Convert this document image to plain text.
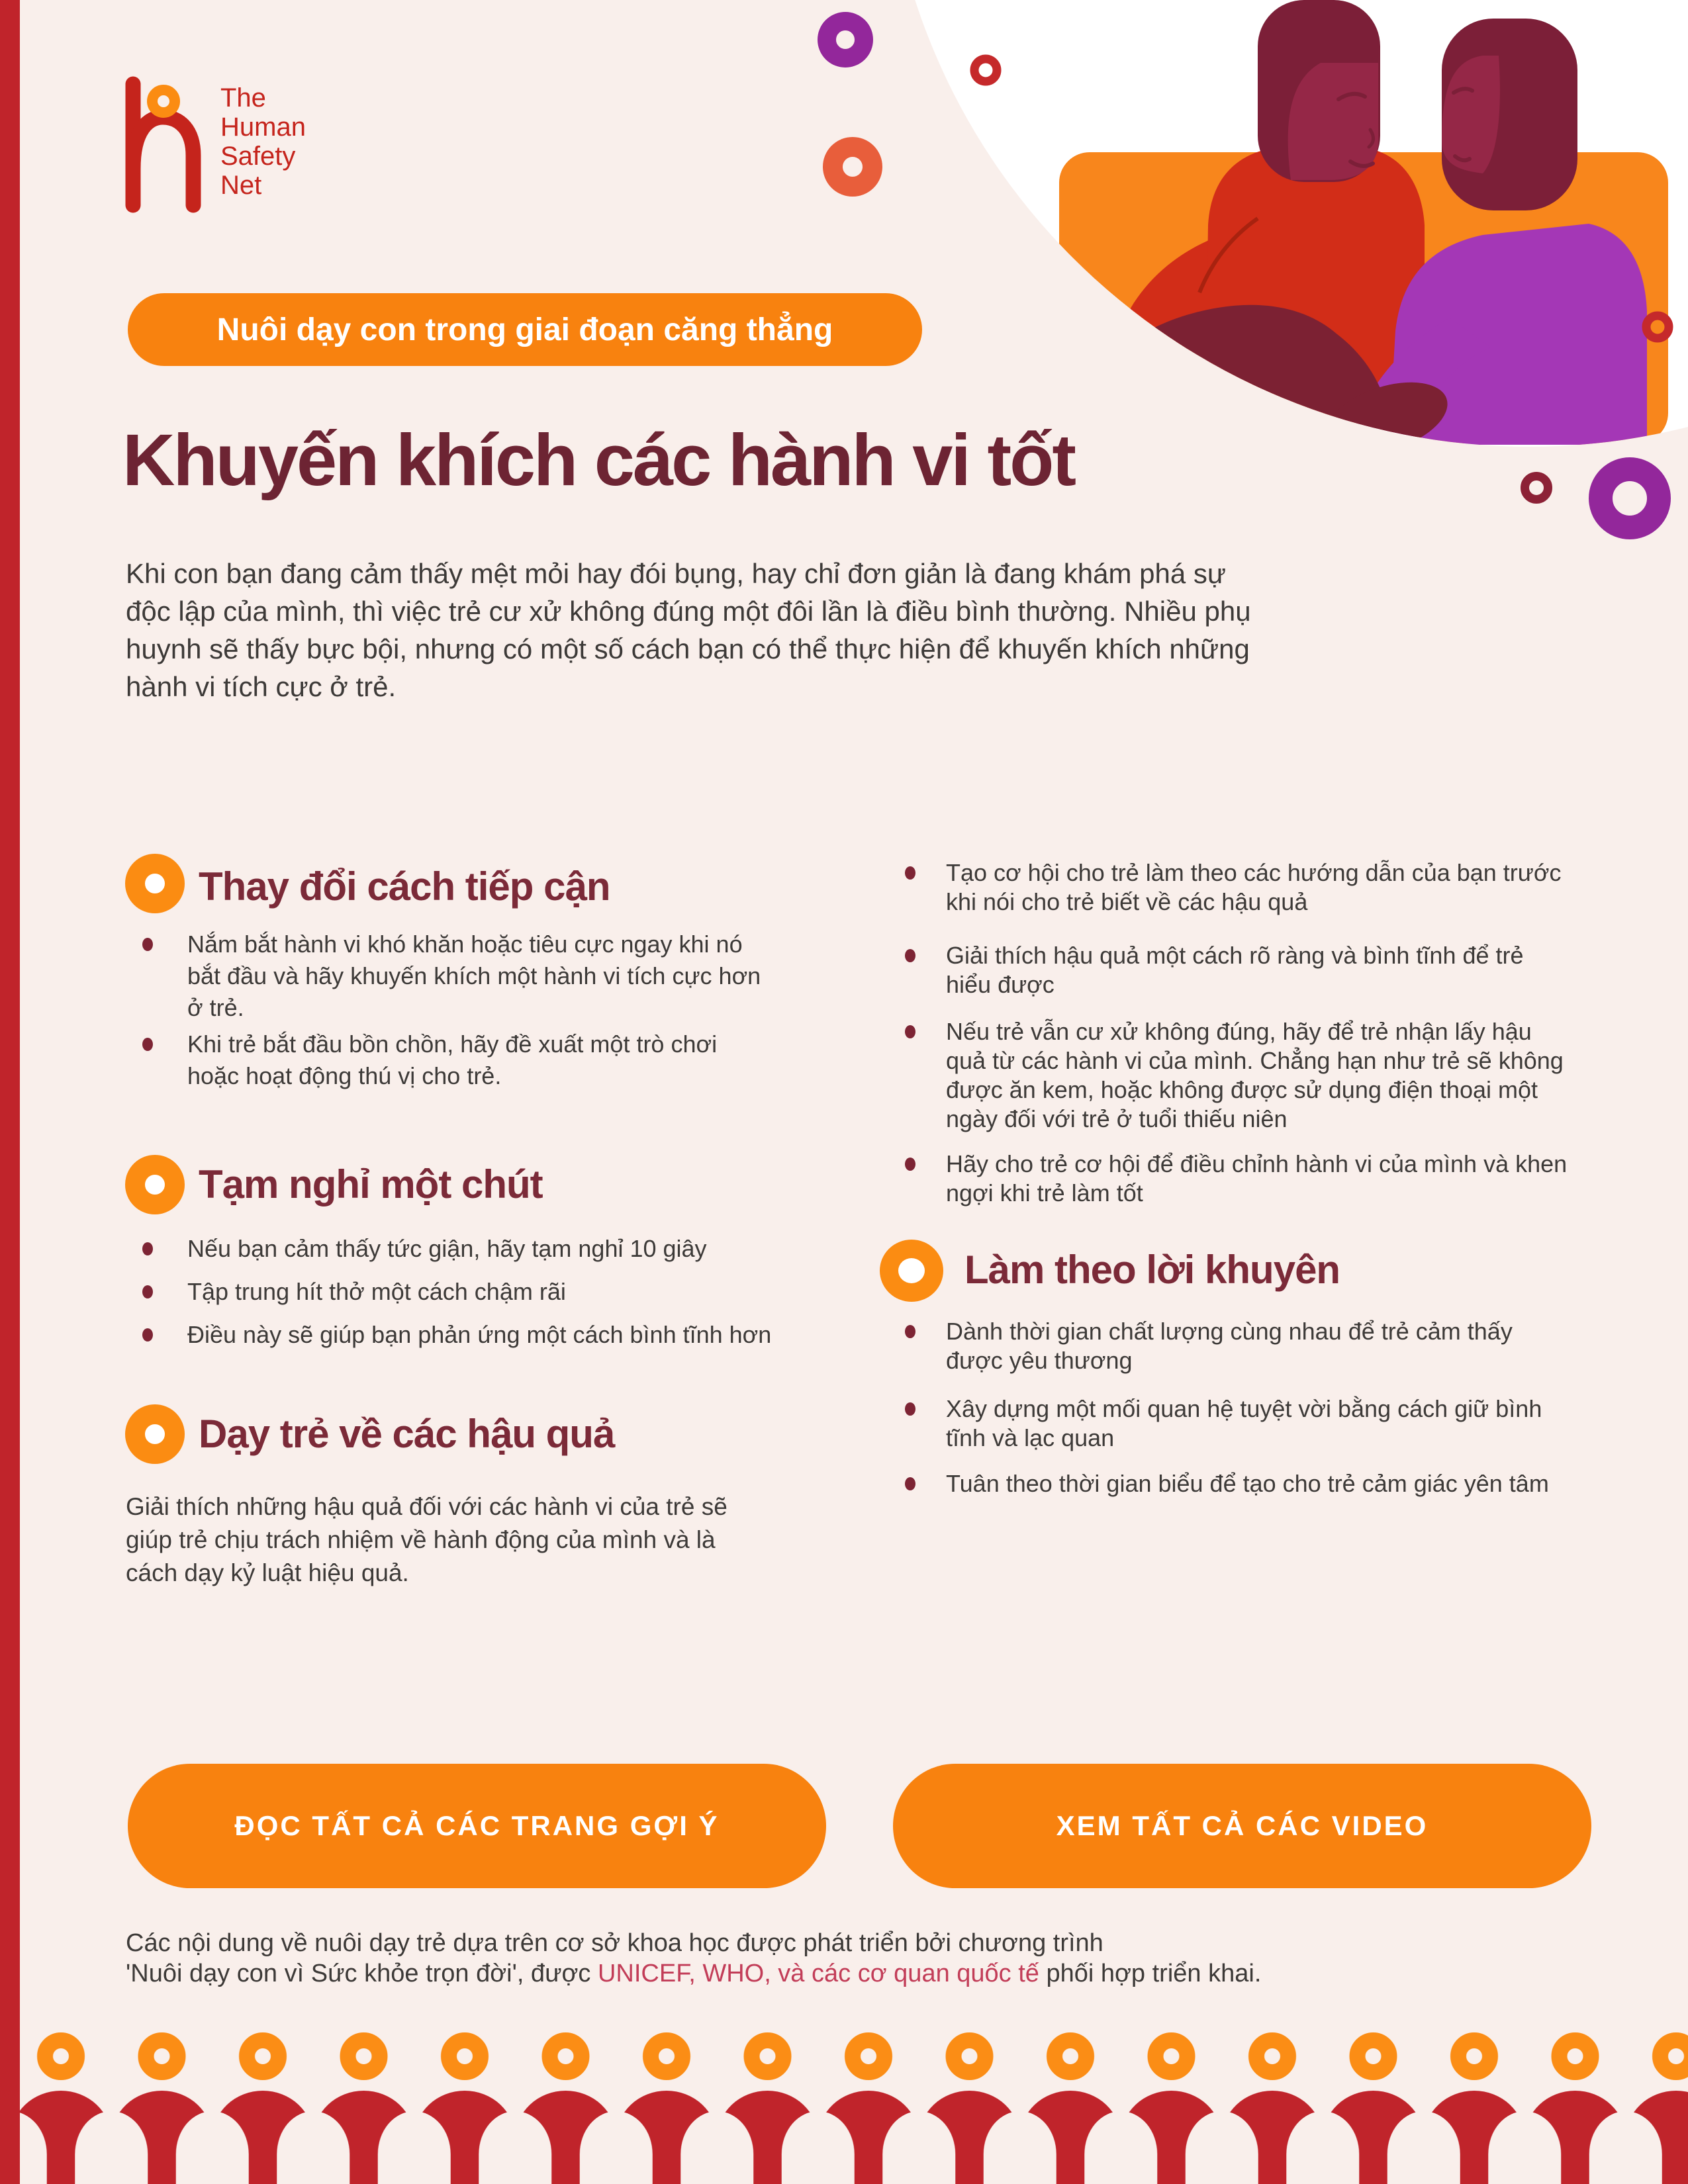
The
Human
Safety
Net
Nuôi dạy con trong giai đoạn căng thẳng
Khuyến khích các hành vi tốt
Khi con bạn đang cảm thấy mệt mỏi hay đói bụng, hay chỉ đơn giản là đang khám phá sự độc lập của mình, thì việc trẻ cư xử không đúng một đôi lần là điều bình thường. Nhiều phụ huynh sẽ thấy bực bội, nhưng có một số cách bạn có thể thực hiện để khuyến khích những hành vi tích cực ở trẻ.
Thay đổi cách tiếp cận
Nắm bắt hành vi khó khăn hoặc tiêu cực ngay khi nó bắt đầu và hãy khuyến khích một hành vi tích cực hơn ở trẻ.
Khi trẻ bắt đầu bồn chồn, hãy đề xuất một trò chơi hoặc hoạt động thú vị cho trẻ.
Tạm nghỉ một chút
Nếu bạn cảm thấy tức giận, hãy tạm nghỉ 10 giây
Tập trung hít thở một cách chậm rãi
Điều này sẽ giúp bạn phản ứng một cách bình tĩnh hơn
Dạy trẻ về các hậu quả
Giải thích những hậu quả đối với các hành vi của trẻ sẽ giúp trẻ chịu trách nhiệm về hành động của mình và là cách dạy kỷ luật hiệu quả.
Tạo cơ hội cho trẻ làm theo các hướng dẫn của bạn trước khi nói cho trẻ biết về các hậu quả
Giải thích hậu quả một cách rõ ràng và bình tĩnh để trẻ hiểu được
Nếu trẻ vẫn cư xử không đúng, hãy để trẻ nhận lấy hậu quả từ các hành vi của mình. Chẳng hạn như trẻ sẽ không được ăn kem, hoặc không được sử dụng điện thoại một ngày đối với trẻ ở tuổi thiếu niên
Hãy cho trẻ cơ hội để điều chỉnh hành vi của mình và khen ngợi khi trẻ làm tốt
Làm theo lời khuyên
Dành thời gian chất lượng cùng nhau để trẻ cảm thấy được yêu thương
Xây dựng một mối quan hệ tuyệt vời bằng cách giữ bình tĩnh và lạc quan
Tuân theo thời gian biểu để tạo cho trẻ cảm giác yên tâm
ĐỌC TẤT CẢ CÁC TRANG GỢI Ý	XEM TẤT CẢ CÁC VIDEO
Các nội dung về nuôi dạy trẻ dựa trên cơ sở khoa học được phát triển bởi chương trình
'Nuôi dạy con vì Sức khỏe trọn đời', được UNICEF, WHO, và các cơ quan quốc tế phối hợp triển khai.
